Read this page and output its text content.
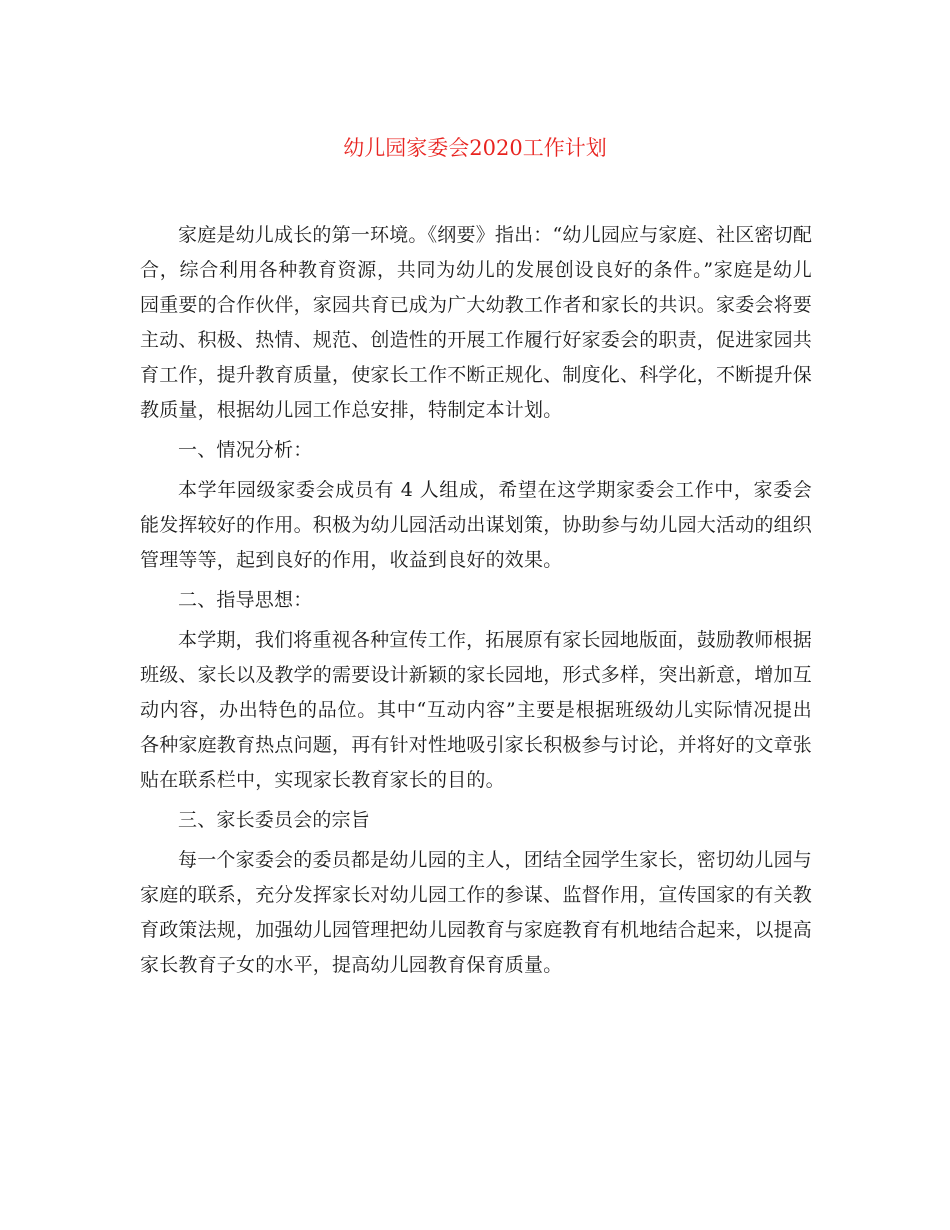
幼儿园家委会2020工作计划

家庭是幼儿成长的第一环境。《纲要》指出：“幼儿园应与家庭、社区密切配合，综合利用各种教育资源，共同为幼儿的发展创设良好的条件。”家庭是幼儿园重要的合作伙伴，家园共育已成为广大幼教工作者和家长的共识。家委会将要主动、积极、热情、规范、创造性的开展工作履行好家委会的职责，促进家园共育工作，提升教育质量，使家长工作不断正规化、制度化、科学化，不断提升保教质量，根据幼儿园工作总安排，特制定本计划。

一、情况分析：

本学年园级家委会成员有 4 人组成，希望在这学期家委会工作中，家委会能发挥较好的作用。积极为幼儿园活动出谋划策，协助参与幼儿园大活动的组织管理等等，起到良好的作用，收益到良好的效果。

二、指导思想：

本学期，我们将重视各种宣传工作，拓展原有家长园地版面，鼓励教师根据班级、家长以及教学的需要设计新颖的家长园地，形式多样，突出新意，增加互动内容，办出特色的品位。其中“互动内容”主要是根据班级幼儿实际情况提出各种家庭教育热点问题，再有针对性地吸引家长积极参与讨论，并将好的文章张贴在联系栏中，实现家长教育家长的目的。

三、家长委员会的宗旨

每一个家委会的委员都是幼儿园的主人，团结全园学生家长，密切幼儿园与家庭的联系，充分发挥家长对幼儿园工作的参谋、监督作用，宣传国家的有关教育政策法规，加强幼儿园管理把幼儿园教育与家庭教育有机地结合起来，以提高家长教育子女的水平，提高幼儿园教育保育质量。
